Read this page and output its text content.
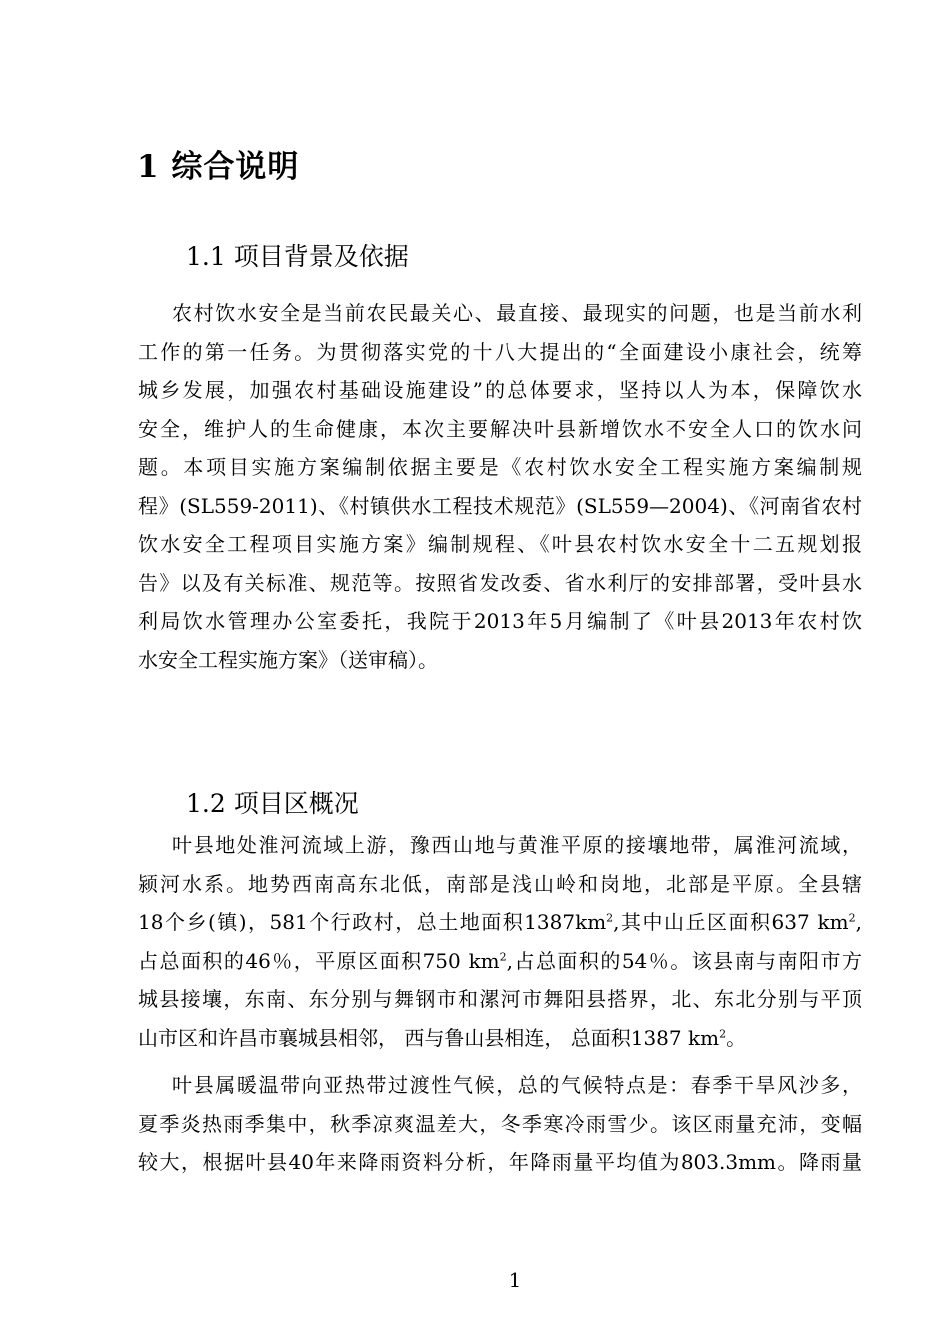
1 综合说明
1.1 项目背景及依据
农村饮水安全是当前农民最关心、最直接、最现实的问题，也是当前水利
工作的第一任务。为贯彻落实党的十八大提出的“全面建设小康社会，统筹
城乡发展，加强农村基础设施建设”的总体要求，坚持以人为本，保障饮水
安全，维护人的生命健康，本次主要解决叶县新增饮水不安全人口的饮水问
题。本项目实施方案编制依据主要是《农村饮水安全工程实施方案编制规
程》(SL559-2011)、《村镇供水工程技术规范》(SL559—2004)、《河南省农村
饮水安全工程项目实施方案》编制规程、《叶县农村饮水安全十二五规划报
告》以及有关标准、规范等。按照省发改委、省水利厅的安排部署，受叶县水
利局饮水管理办公室委托，我院于2013年5月编制了《叶县2013年农村饮
水安全工程实施方案》（送审稿）。
1.2 项目区概况
叶县地处淮河流域上游，豫西山地与黄淮平原的接壤地带，属淮河流域，
颍河水系。地势西南高东北低，南部是浅山岭和岗地，北部是平原。全县辖
18个乡(镇)，581个行政村，总土地面积$1387km^2$,其中山丘区面积637 $km^2$,
占总面积的46％，平原区面积750 $km^2$,占总面积的54％。该县南与南阳市方
城县接壤，东南、东分别与舞钢市和漯河市舞阳县搭界，北、东北分别与平顶
山市区和许昌市襄城县相邻， 西与鲁山县相连， 总面积1387 $km^2$。
叶县属暖温带向亚热带过渡性气候，总的气候特点是：春季干旱风沙多，
夏季炎热雨季集中，秋季凉爽温差大，冬季寒冷雨雪少。该区雨量充沛，变幅
较大，根据叶县40年来降雨资料分析，年降雨量平均值为803.3mm。降雨量
1
